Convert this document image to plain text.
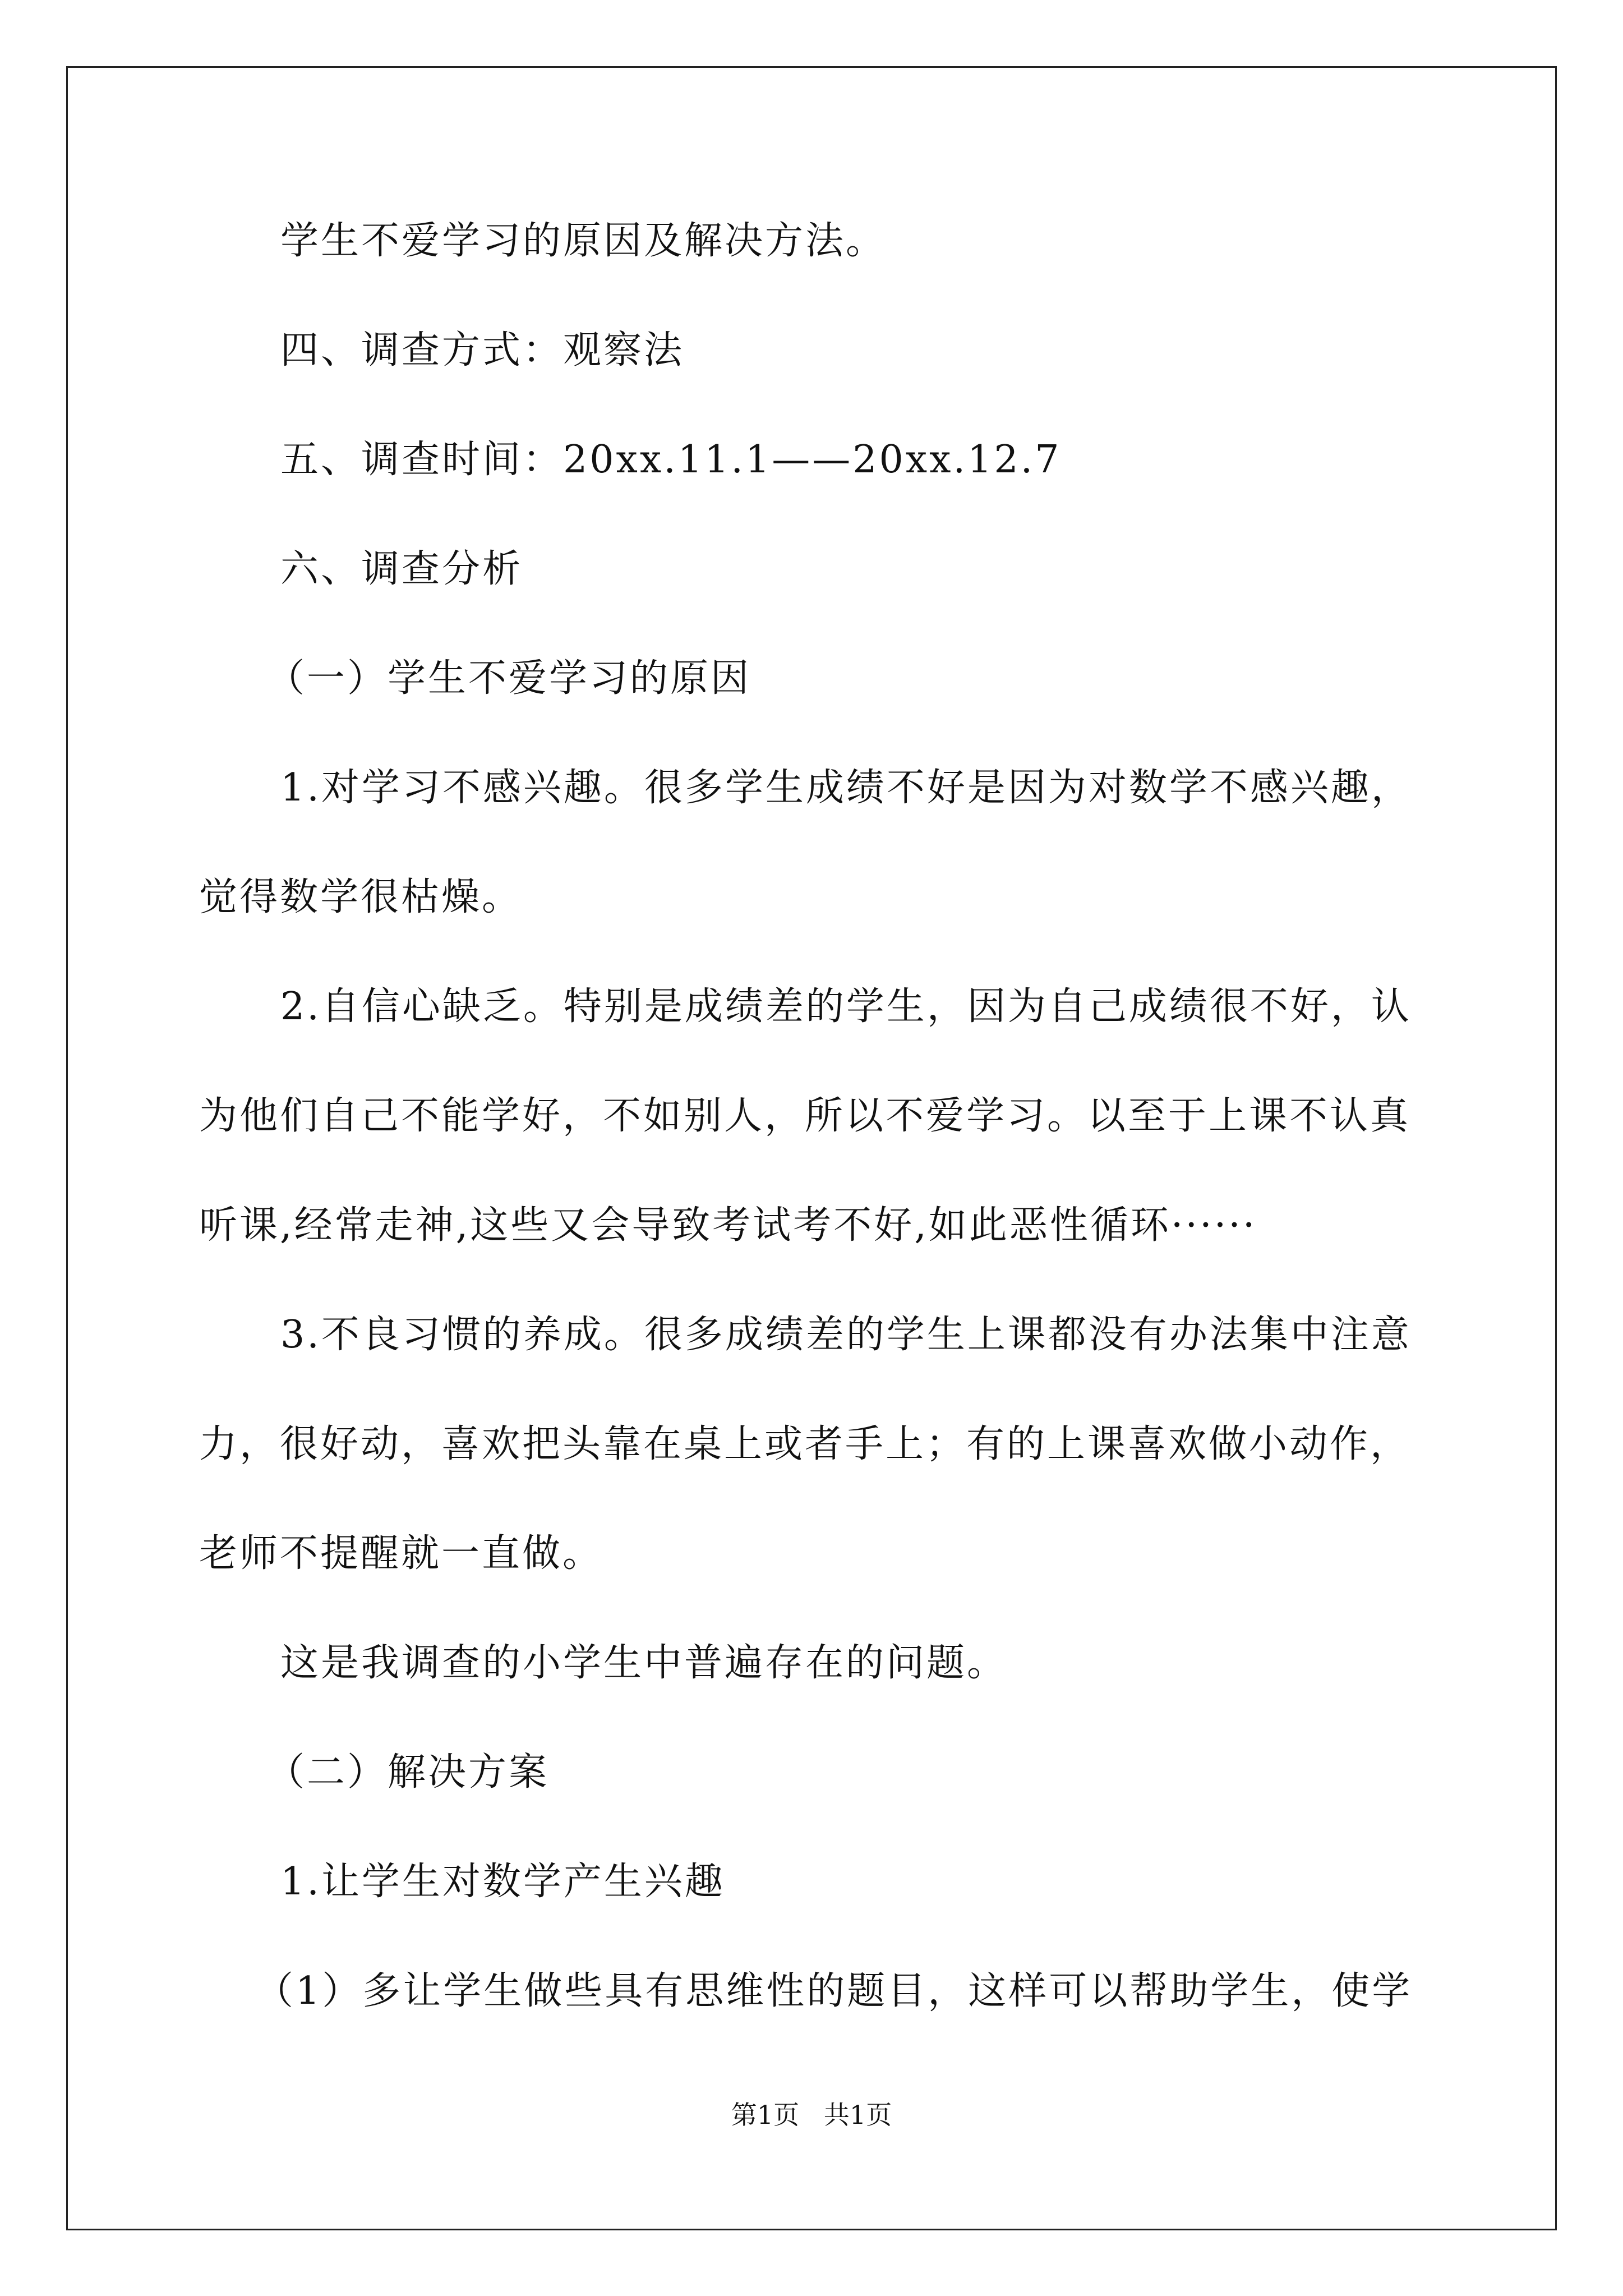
学生不爱学习的原因及解决方法。
四、调查方式：观察法
五、调查时间：20xx.11.1——20xx.12.7
六、调查分析
（一）学生不爱学习的原因
1.对学习不感兴趣。很多学生成绩不好是因为对数学不感兴趣，
觉得数学很枯燥。
2.自信心缺乏。特别是成绩差的学生，因为自己成绩很不好，认
为他们自己不能学好，不如别人，所以不爱学习。以至于上课不认真
听课,经常走神,这些又会导致考试考不好,如此恶性循环······
3.不良习惯的养成。很多成绩差的学生上课都没有办法集中注意
力，很好动，喜欢把头靠在桌上或者手上；有的上课喜欢做小动作，
老师不提醒就一直做。
这是我调查的小学生中普遍存在的问题。
（二）解决方案
1.让学生对数学产生兴趣
（1）多让学生做些具有思维性的题目，这样可以帮助学生，使学
第1页   共1页
